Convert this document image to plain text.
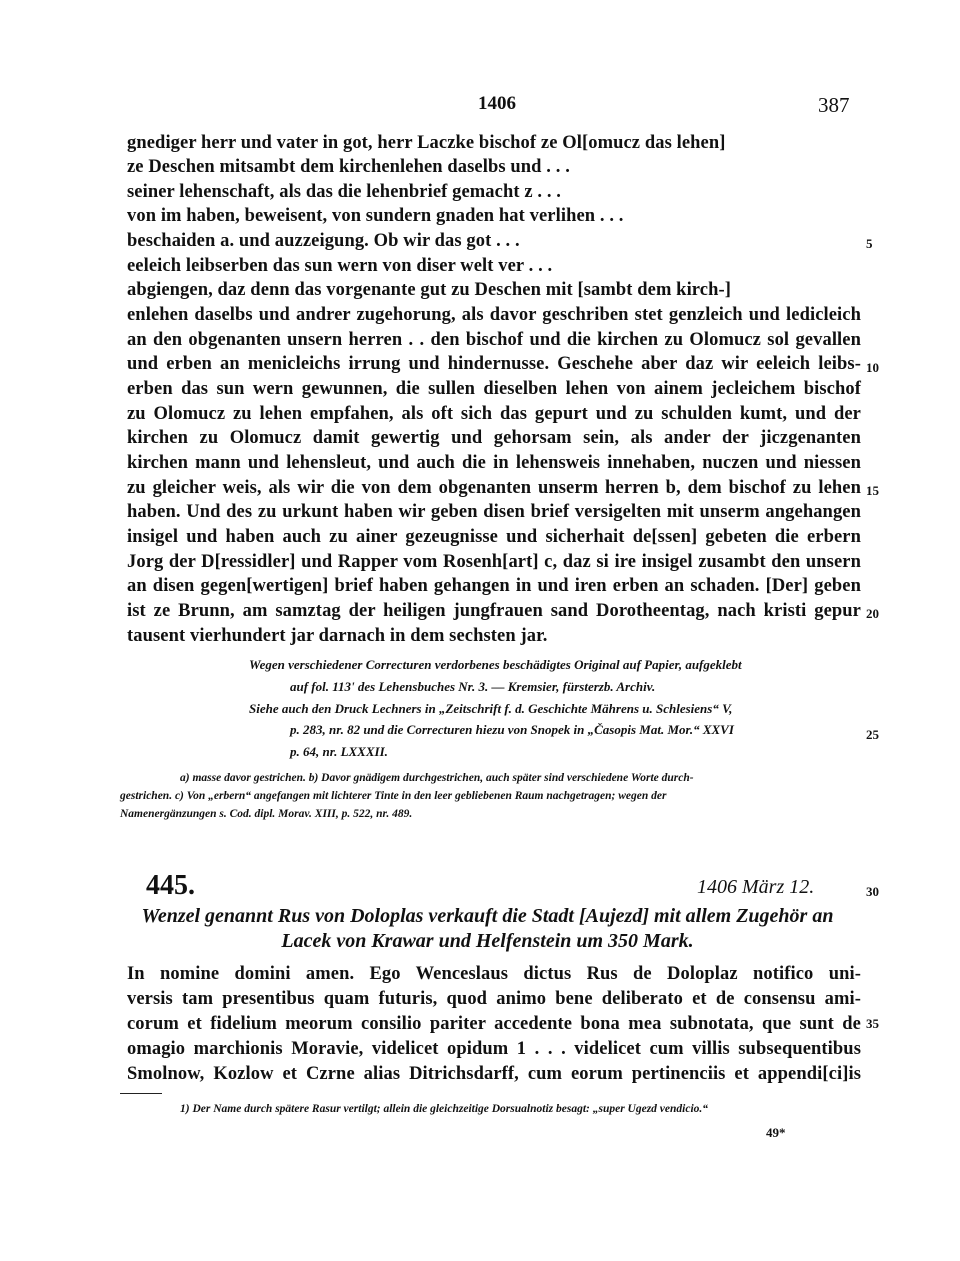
1406	387
gnediger herr und vater in got, herr Laczke bischof ze Ol[omucz das lehen]
ze Deschen mitsambt dem kirchenlehen daselbs und . . .
seiner lehenschaft, als das die lehenbrief gemacht z . . .
von im haben, beweisent, von sundern gnaden hat verlihen . . .
beschaiden a. und auzzeigung. Ob wir das got . . .
eeleich leibserben das sun wern von diser welt ver . . .
abgiengen, daz denn das vorgenante gut zu Deschen mit [sambt dem kirch-]
enlehen daselbs und andrer zugehorung, als davor geschriben stet genzleich und ledicleich
an den obgenanten unsern herren . . den bischof und die kirchen zu Olomucz sol gevallen
und erben an menicleichs irrung und hindernusse. Geschehe aber daz wir eeleich leibs-
erben das sun wern gewunnen, die sullen dieselben lehen von ainem jecleichem bischof
zu Olomucz zu lehen empfahen, als oft sich das gepurt und zu schulden kumt, und der
kirchen zu Olomucz damit gewertig und gehorsam sein, als ander der jiczgenanten
kirchen mann und lehensleut, und auch die in lehensweis innehaben, nuczen und niessen
zu gleicher weis, als wir die von dem obgenanten unserm herren b, dem bischof zu lehen
haben. Und des zu urkunt haben wir geben disen brief versigelten mit unserm angehangen
insigel und haben auch zu ainer gezeugnisse und sicherhait de[ssen] gebeten die erbern
Jorg der D[ressidler] und Rapper vom Rosenh[art] c, daz si ire insigel zusambt den unsern
an disen gegen[wertigen] brief haben gehangen in und iren erben an schaden. [Der] geben
ist ze Brunn, am samztag der heiligen jungfrauen sand Dorotheentag, nach kristi gepur
tausent vierhundert jar darnach in dem sechsten jar.
5
10
15
20
Wegen verschiedener Correcturen verdorbenes beschädigtes Original auf Papier, aufgeklebt
auf fol. 113' des Lehensbuches Nr. 3. — Kremsier, fürsterzb. Archiv.
Siehe auch den Druck Lechners in „Zeitschrift f. d. Geschichte Mährens u. Schlesiens“ V,
p. 283, nr. 82 und die Correcturen hiezu von Snopek in „Časopis Mat. Mor.“ XXVI
p. 64, nr. LXXXII.
25
a) masse davor gestrichen. b) Davor gnädigem durchgestrichen, auch später sind verschiedene Worte durch-
gestrichen. c) Von „erbern“ angefangen mit lichterer Tinte in den leer gebliebenen Raum nachgetragen; wegen der
Namenergänzungen s. Cod. dipl. Morav. XIII, p. 522, nr. 489.
445.	1406 März 12.	30
Wenzel genannt Rus von Doloplas verkauft die Stadt [Aujezd] mit allem Zugehör an
Lacek von Krawar und Helfenstein um 350 Mark.
In nomine domini amen. Ego Wenceslaus dictus Rus de Doloplaz notifico uni-
versis tam presentibus quam futuris, quod animo bene deliberato et de consensu ami-
corum et fidelium meorum consilio pariter accedente bona mea subnotata, que sunt de
omagio marchionis Moravie, videlicet opidum 1 . . . videlicet cum villis subsequentibus
Smolnow, Kozlow et Czrne alias Ditrichsdarff, cum eorum pertinenciis et appendi[ci]is
35
1) Der Name durch spätere Rasur vertilgt; allein die gleichzeitige Dorsualnotiz besagt: „super Ugezd vendicio.“
49*
